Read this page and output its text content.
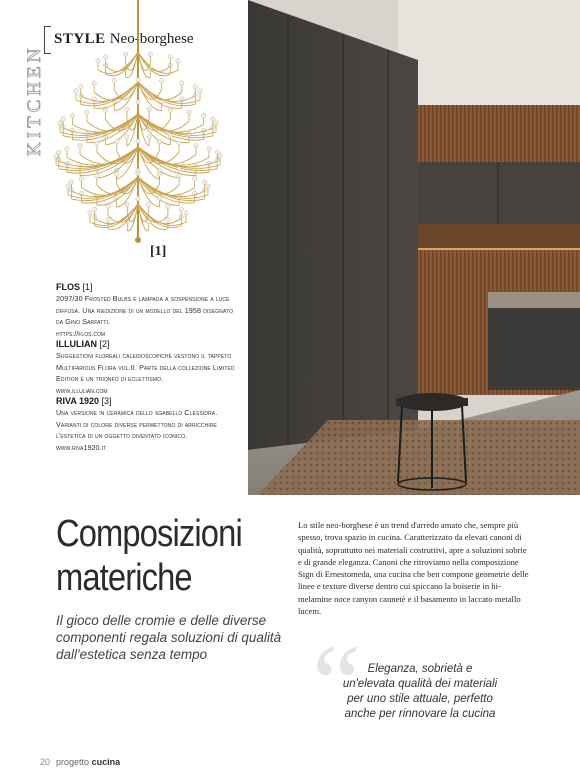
KITCHEN
STYLE Neo-borghese
[1]
FLOS [1]
2097/30 Frosted Bulbs è lampada a sospensione a luce diffusa. Una riedizione di un modello del 1958 disegnato da Gino Sarfatti.
https://flos.com
ILLULIAN [2]
Suggestioni floreali caleidoscopiche vestono il tappeto Multifarious Flora vol.II. Parte della collezione Limited Edition è un trionfo di eclettismo.
www.illulian.com
RIVA 1920 [3]
Una versione in ceramica dello sgabello Clessidra. Varianti di colore diverse permettono di arricchire l'estetica di un oggetto diventato iconico.
www.riva1920.it
Composizioni
materiche
Il gioco delle cromie e delle diverse componenti regala soluzioni di qualità dall'estetica senza tempo
Lo stile neo-borghese è un trend d'arredo amato che, sempre più spesso, trova spazio in cucina. Caratterizzato da elevati canoni di qualità, soprattutto nei materiali costruttivi, apre a soluzioni sobrie e di grande eleganza. Canoni che ritroviamo nella composizione Sign di Ernestomeda, una cucina che ben compone geometrie delle linee e texture diverse dentro cui spiccano la boiserie in hi-melamine noce canyon cannetè e il basamento in laccato metallo lucem.
“ Eleganza, sobrietà e un'elevata qualità dei materiali per uno stile attuale, perfetto anche per rinnovare la cucina
20 progetto cucina
